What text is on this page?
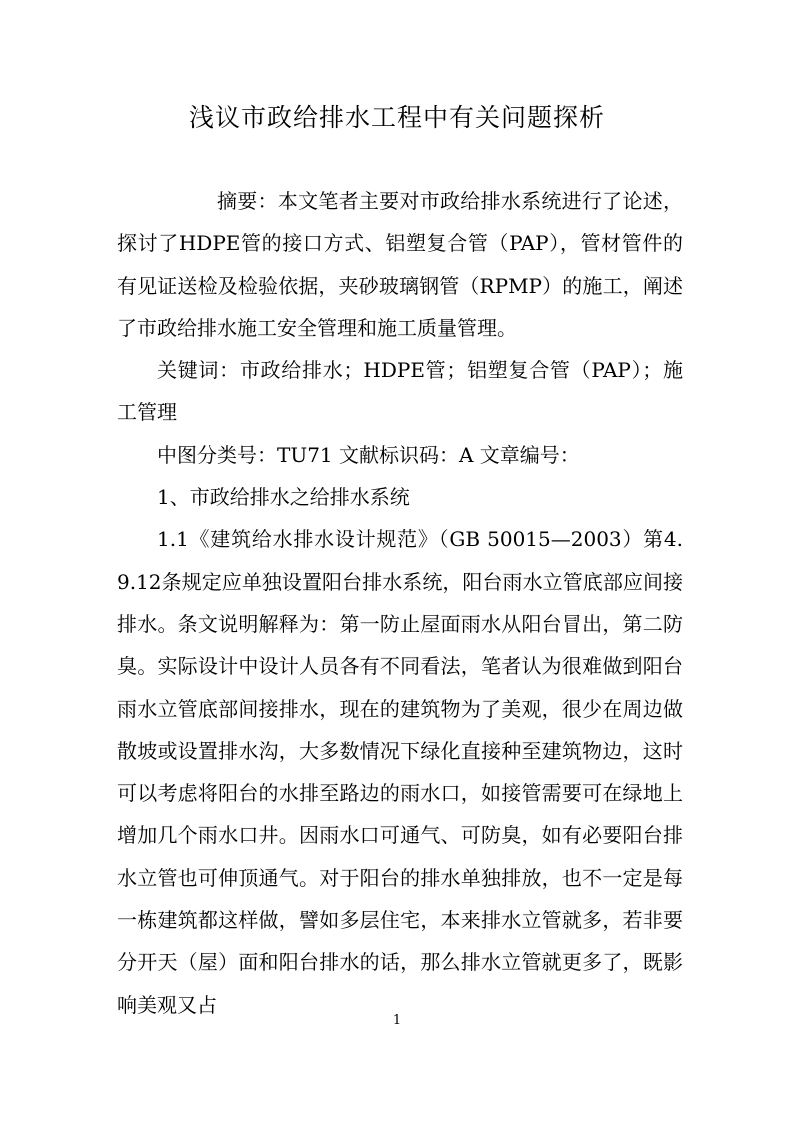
浅议市政给排水工程中有关问题探析

摘要：本文笔者主要对市政给排水系统进行了论述，探讨了HDPE管的接口方式、铝塑复合管（PAP），管材管件的有见证送检及检验依据，夹砂玻璃钢管（RPMP）的施工，阐述了市政给排水施工安全管理和施工质量管理。

关键词：市政给排水；HDPE管；铝塑复合管（PAP）；施工管理

中图分类号：TU71 文献标识码：A 文章编号：

1、市政给排水之给排水系统

1.1《建筑给水排水设计规范》（GB 50015—2003）第4.9.12条规定应单独设置阳台排水系统，阳台雨水立管底部应间接排水。条文说明解释为：第一防止屋面雨水从阳台冒出，第二防臭。实际设计中设计人员各有不同看法，笔者认为很难做到阳台雨水立管底部间接排水，现在的建筑物为了美观，很少在周边做散坡或设置排水沟，大多数情况下绿化直接种至建筑物边，这时可以考虑将阳台的水排至路边的雨水口，如接管需要可在绿地上增加几个雨水口井。因雨水口可通气、可防臭，如有必要阳台排水立管也可伸顶通气。对于阳台的排水单独排放，也不一定是每一栋建筑都这样做，譬如多层住宅，本来排水立管就多，若非要分开天（屋）面和阳台排水的话，那么排水立管就更多了，既影响美观又占

1
